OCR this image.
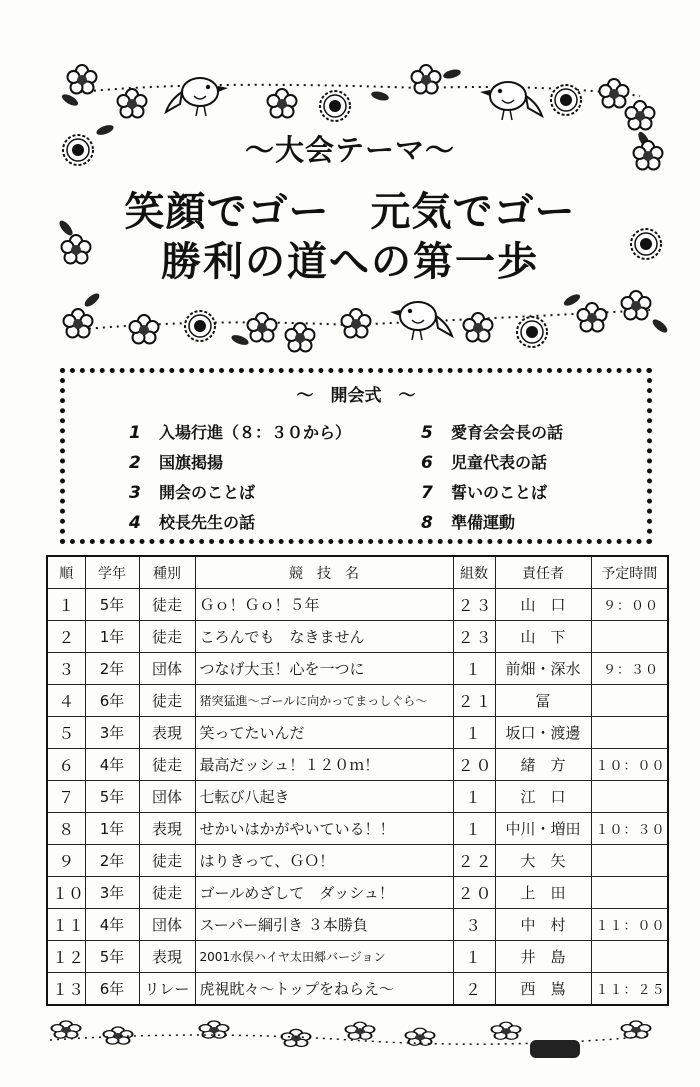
～大会テーマ～
笑顔でゴー　元気でゴー
勝利の道への第一歩
～　開会式　～
1 入場行進（８：３０から）
2 国旗掲揚
3 開会のことば
4 校長先生の話
5 愛育会会長の話
6 児童代表の話
7 誓いのことば
8 準備運動
順	学年	種別	競　技　名	組数	責任者	予定時間
１	5年	徒走	Ｇｏ！Ｇｏ！５年	２３	山　口	９：００
２	1年	徒走	ころんでも　なきません	２３	山　下	
３	2年	団体	つなげ大玉！心を一つに	１	前畑・深水	９：３０
４	6年	徒走	猪突猛進～ゴールに向かってまっしぐら～	２１	冨	
５	3年	表現	笑ってたいんだ	１	坂口・渡邊	
６	4年	徒走	最高だッシュ！１２０ｍ！	２０	緒　方	１０：００
７	5年	団体	七転び八起き	１	江　口	
８	1年	表現	せかいはかがやいている！！	１	中川・増田	１０：３０
９	2年	徒走	はりきって、ＧＯ！	２２	大　矢	
１０	3年	徒走	ゴールめざして　ダッシュ！	２０	上　田	
１１	4年	団体	スーパー綱引き ３本勝負	３	中　村	１１：００
１２	5年	表現	2001水俣ハイヤ太田郷バージョン	１	井　島	
１３	6年	リレー	虎視眈々～トップをねらえ～	２	西　嶌	１１：２５
